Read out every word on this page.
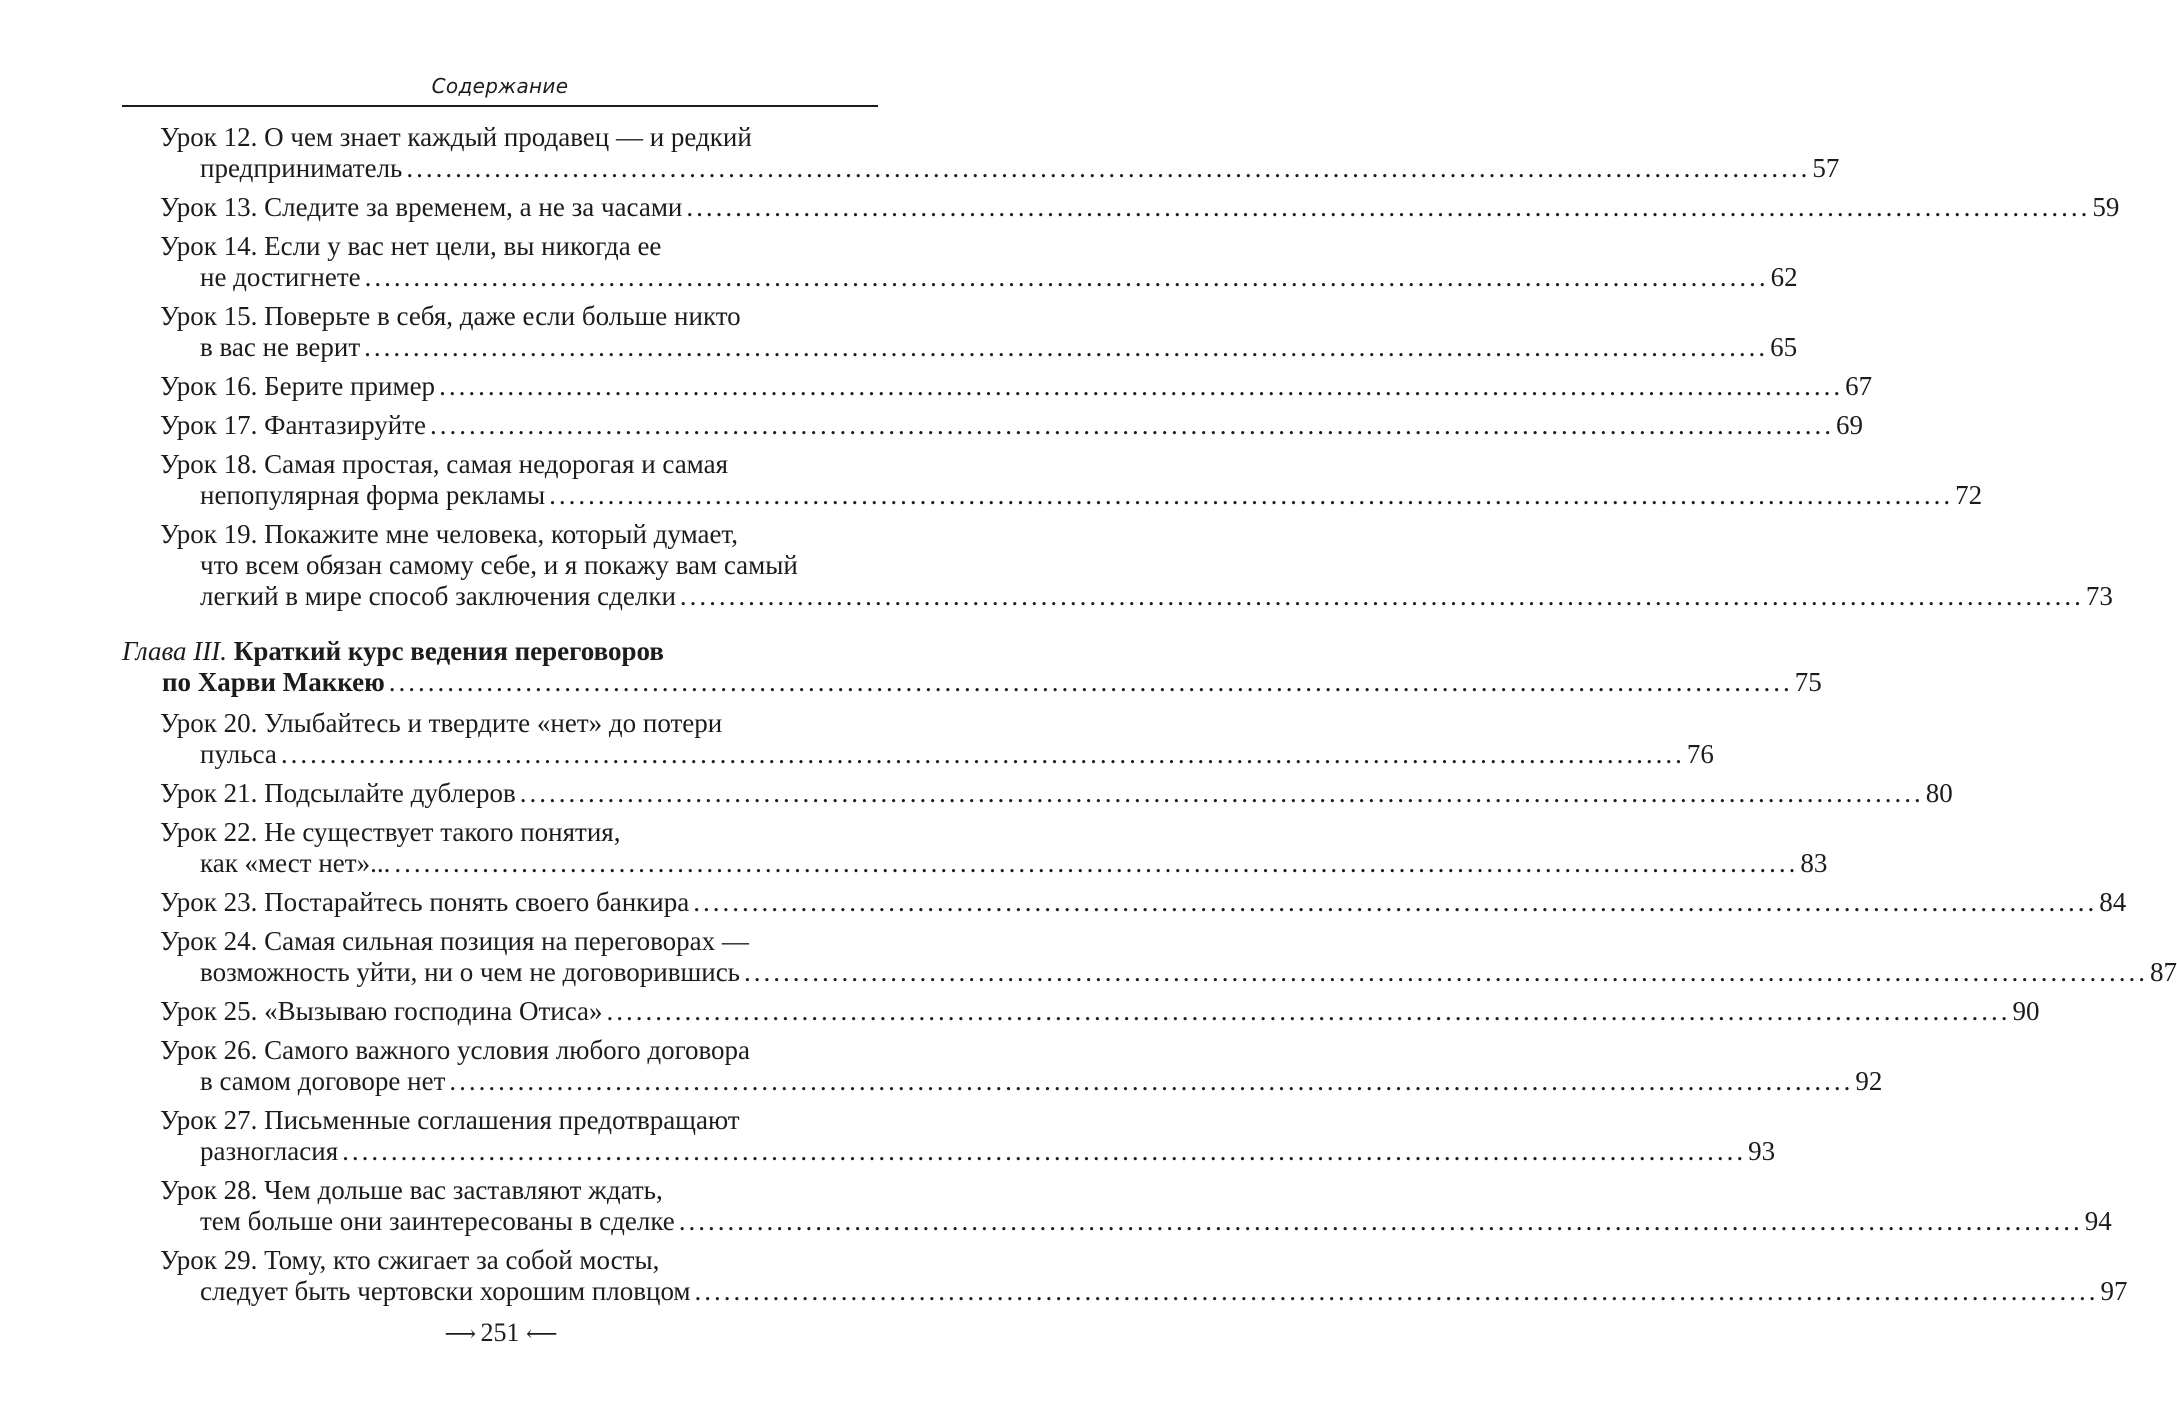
Содержание
Урок 12. О чем знает каждый продавец — и редкий
предприниматель ................................................................................................................................................ 57
Урок 13. Следите за временем, а не за часами ................................................................................................................................................ 59
Урок 14. Если у вас нет цели, вы никогда ее
не достигнете ................................................................................................................................................ 62
Урок 15. Поверьте в себя, даже если больше никто
в вас не верит ................................................................................................................................................ 65
Урок 16. Берите пример ................................................................................................................................................ 67
Урок 17. Фантазируйте ................................................................................................................................................ 69
Урок 18. Самая простая, самая недорогая и самая
непопулярная форма рекламы ................................................................................................................................................ 72
Урок 19. Покажите мне человека, который думает,
что всем обязан самому себе, и я покажу вам самый
легкий в мире способ заключения сделки ................................................................................................................................................ 73
Глава III. Краткий курс ведения переговоров
по Харви Маккею ................................................................................................................................................ 75
Урок 20. Улыбайтесь и твердите «нет» до потери
пульса ................................................................................................................................................ 76
Урок 21. Подсылайте дублеров ................................................................................................................................................ 80
Урок 22. Не существует такого понятия,
как «мест нет»... ................................................................................................................................................ 83
Урок 23. Постарайтесь понять своего банкира ................................................................................................................................................ 84
Урок 24. Самая сильная позиция на переговорах —
возможность уйти, ни о чем не договорившись ................................................................................................................................................ 87
Урок 25. «Вызываю господина Отиса» ................................................................................................................................................ 90
Урок 26. Самого важного условия любого договора
в самом договоре нет ................................................................................................................................................ 92
Урок 27. Письменные соглашения предотвращают
разногласия ................................................................................................................................................ 93
Урок 28. Чем дольше вас заставляют ждать,
тем больше они заинтересованы в сделке ................................................................................................................................................ 94
Урок 29. Тому, кто сжигает за собой мосты,
следует быть чертовски хорошим пловцом ................................................................................................................................................ 97
⟶ 251 ⟵
